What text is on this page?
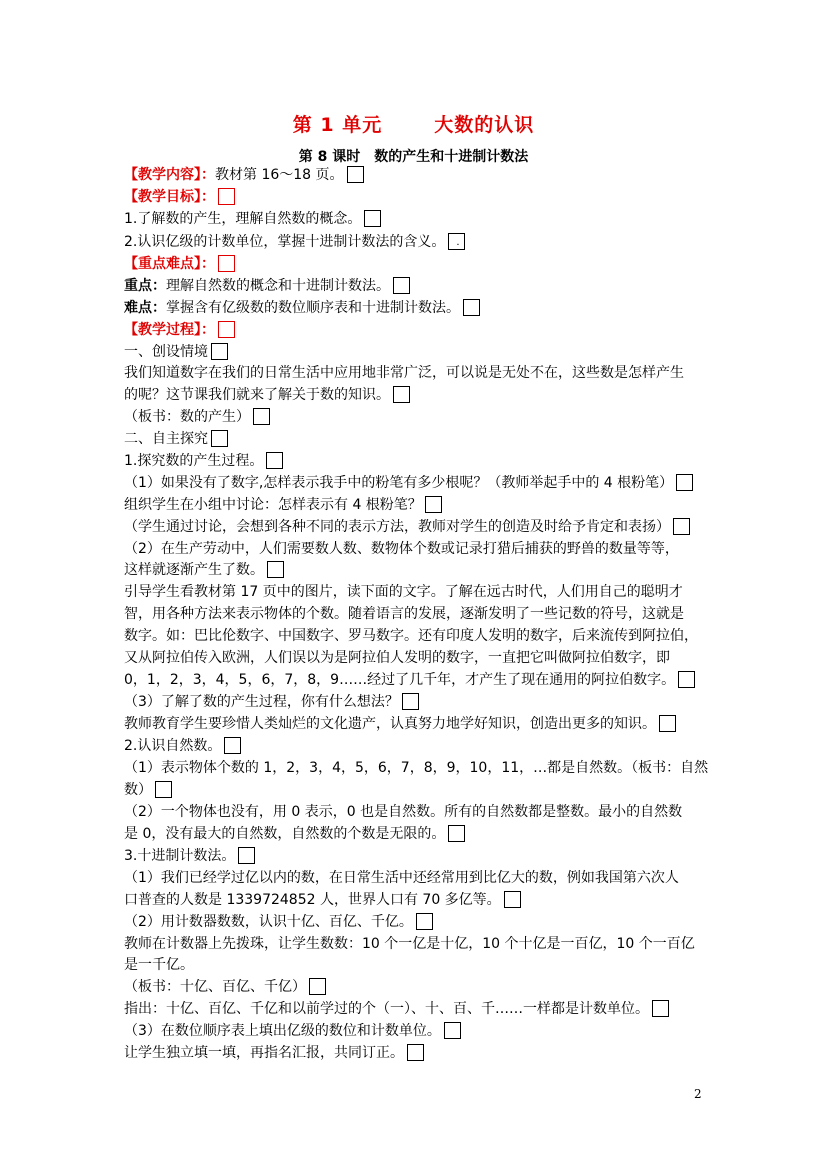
第 1 单元	大数的认识
第 8 课时　数的产生和十进制计数法
【教学内容】：教材第 16～18 页。
【教学目标】：
1.了解数的产生，理解自然数的概念。
2.认识亿级的计数单位，掌握十进制计数法的含义。 .
【重点难点】：
重点：理解自然数的概念和十进制计数法。
难点：掌握含有亿级数的数位顺序表和十进制计数法。
【教学过程】：
一、创设情境
我们知道数字在我们的日常生活中应用地非常广泛，可以说是无处不在，这些数是怎样产生
的呢？这节课我们就来了解关于数的知识。
（板书：数的产生）
二、自主探究
1.探究数的产生过程。
（1）如果没有了数字,怎样表示我手中的粉笔有多少根呢？（教师举起手中的 4 根粉笔）
组织学生在小组中讨论：怎样表示有 4 根粉笔？
（学生通过讨论，会想到各种不同的表示方法，教师对学生的创造及时给予肯定和表扬）
（2）在生产劳动中，人们需要数人数、数物体个数或记录打猎后捕获的野兽的数量等等，
这样就逐渐产生了数。
引导学生看教材第 17 页中的图片，读下面的文字。了解在远古时代，人们用自己的聪明才
智，用各种方法来表示物体的个数。随着语言的发展，逐渐发明了一些记数的符号，这就是
数字。如：巴比伦数字、中国数字、罗马数字。还有印度人发明的数字，后来流传到阿拉伯，
又从阿拉伯传入欧洲，人们误以为是阿拉伯人发明的数字，一直把它叫做阿拉伯数字，即
0，1，2，3，4，5，6，7，8，9……经过了几千年，才产生了现在通用的阿拉伯数字。
（3）了解了数的产生过程，你有什么想法？
教师教育学生要珍惜人类灿烂的文化遗产，认真努力地学好知识，创造出更多的知识。
2.认识自然数。
（1）表示物体个数的 1，2，3，4，5，6，7，8，9，10，11，…都是自然数。（板书：自然
数）
（2）一个物体也没有，用 0 表示，0 也是自然数。所有的自然数都是整数。最小的自然数
是 0，没有最大的自然数，自然数的个数是无限的。
3.十进制计数法。
（1）我们已经学过亿以内的数，在日常生活中还经常用到比亿大的数，例如我国第六次人
口普查的人数是 1339724852 人，世界人口有 70 多亿等。
（2）用计数器数数，认识十亿、百亿、千亿。
教师在计数器上先拨珠，让学生数数：10 个一亿是十亿，10 个十亿是一百亿，10 个一百亿
是一千亿。
（板书：十亿、百亿、千亿）
指出：十亿、百亿、千亿和以前学过的个（一）、十、百、千……一样都是计数单位。
（3）在数位顺序表上填出亿级的数位和计数单位。
让学生独立填一填，再指名汇报，共同订正。
2
